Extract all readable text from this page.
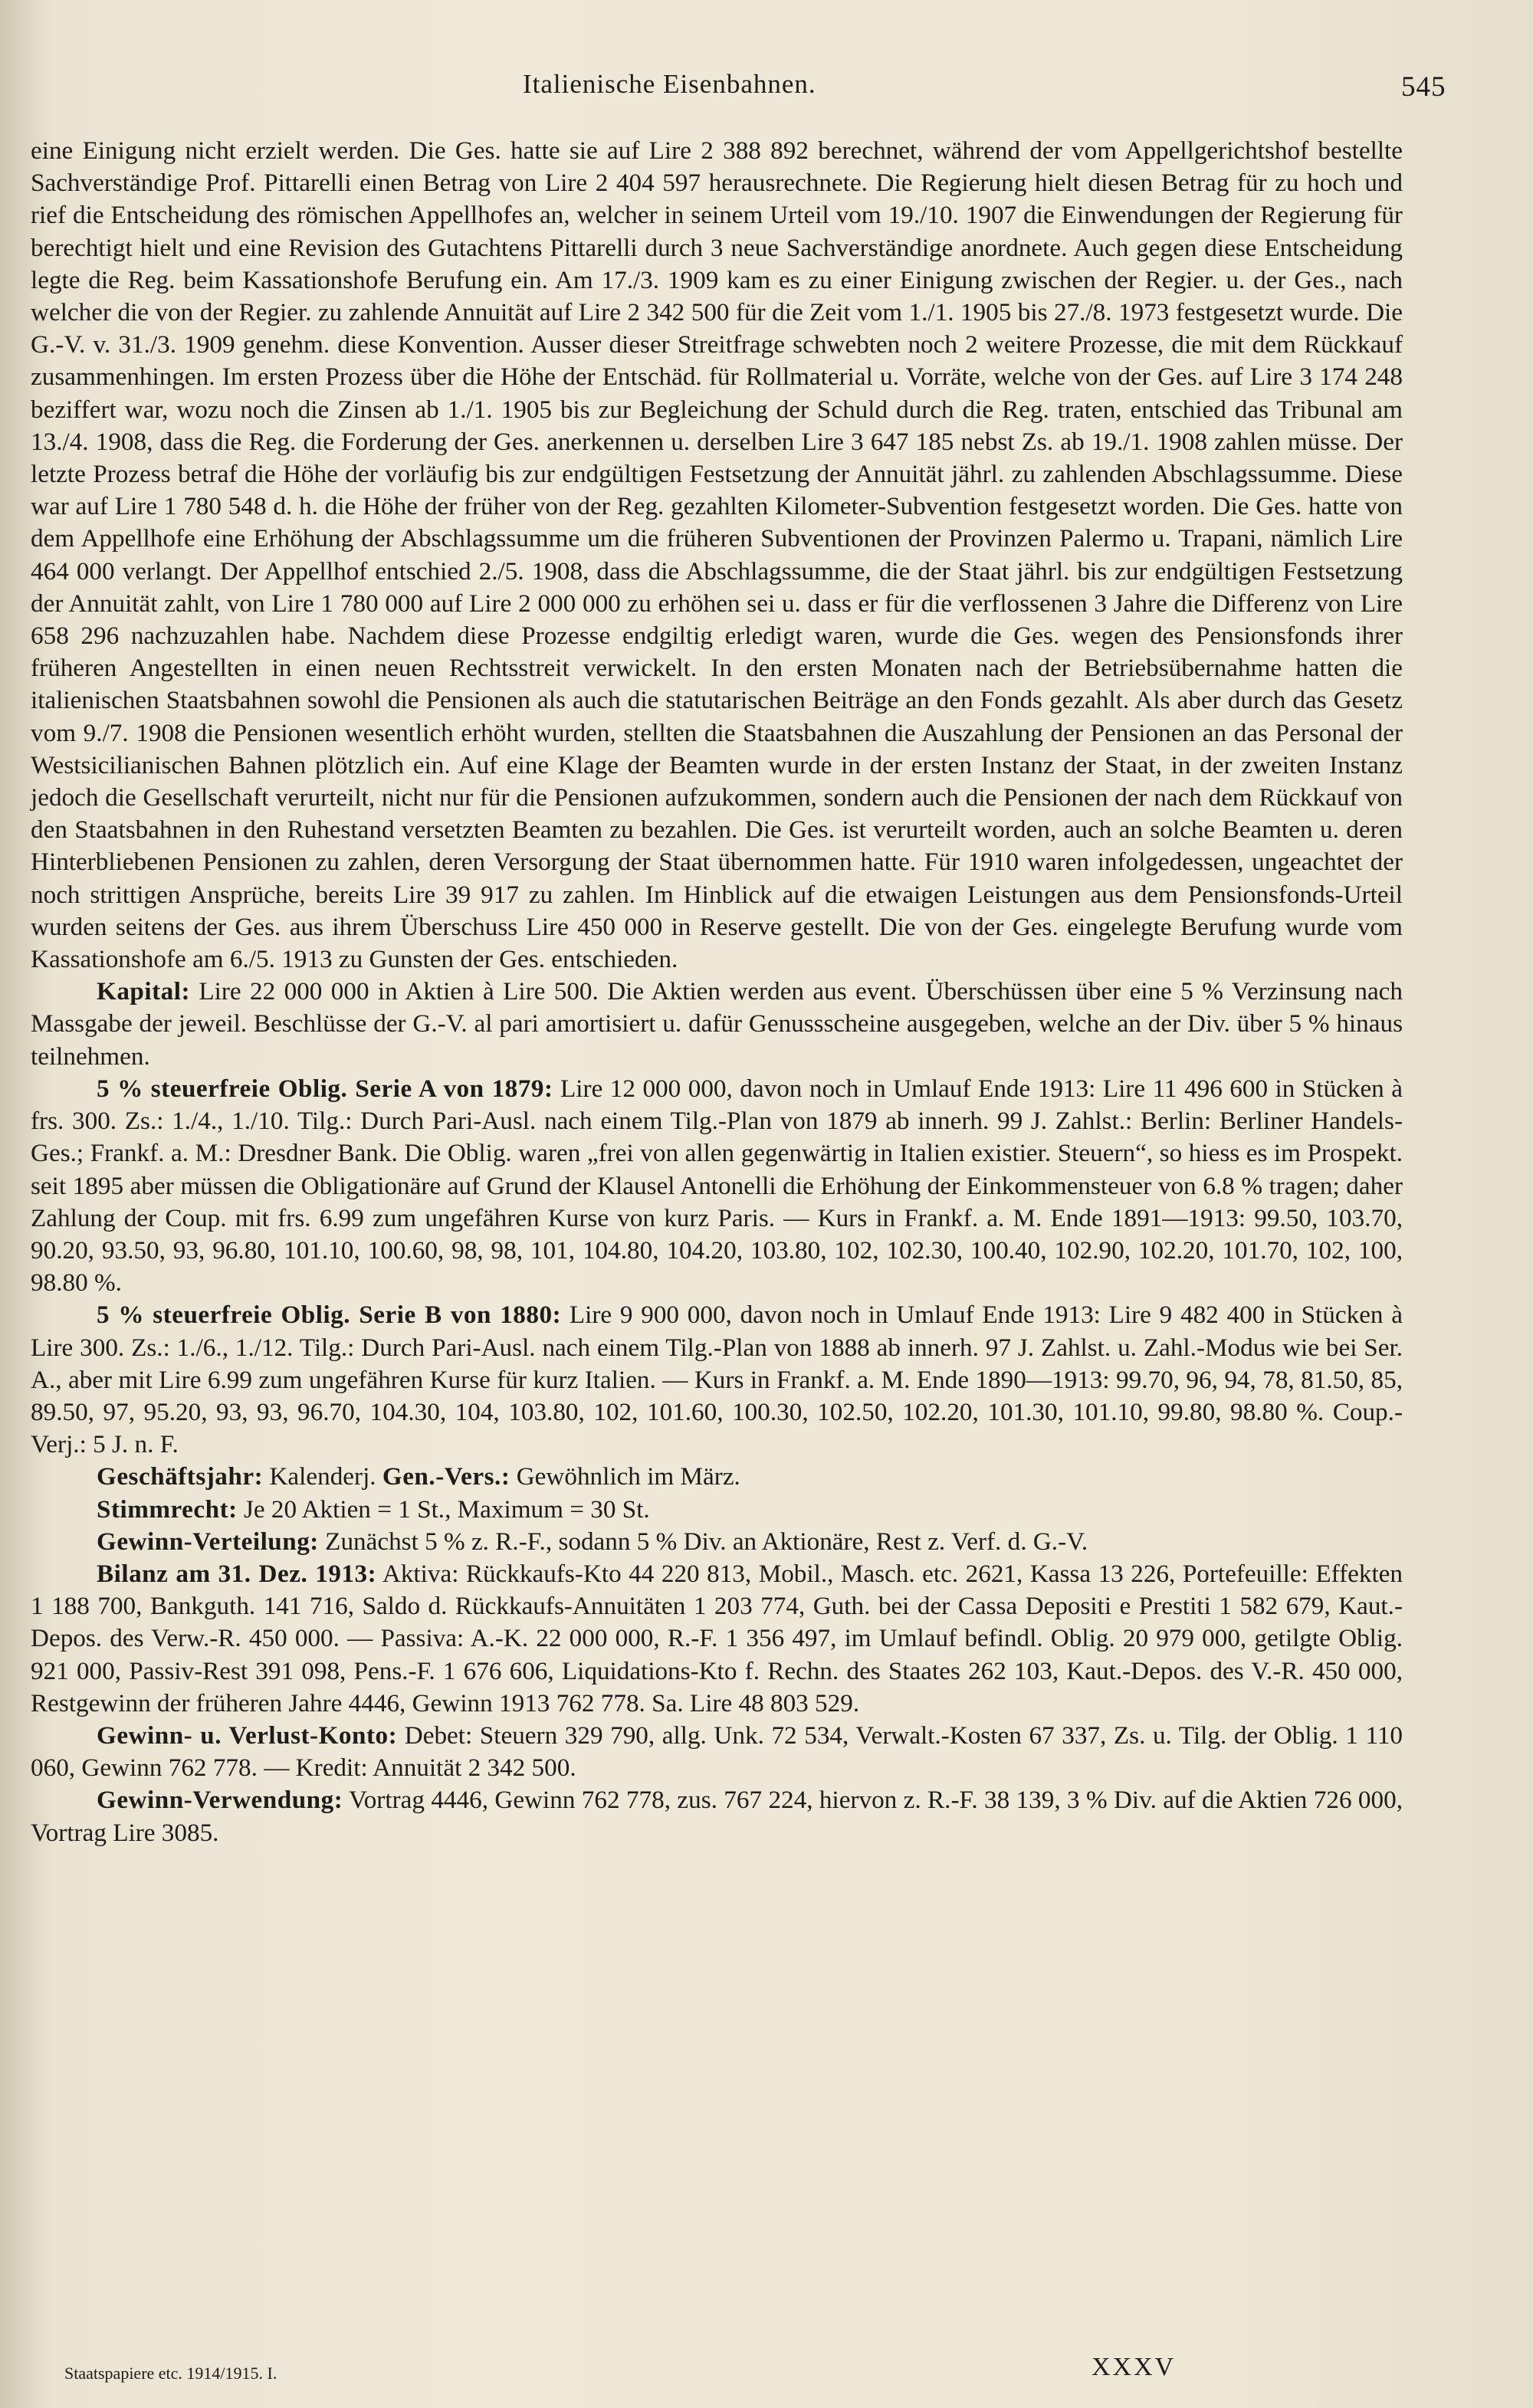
Italienische Eisenbahnen.	545

eine Einigung nicht erzielt werden. Die Ges. hatte sie auf Lire 2 388 892 berechnet, während der vom Appellgerichtshof bestellte Sachverständige Prof. Pittarelli einen Betrag von Lire 2 404 597 herausrechnete. Die Regierung hielt diesen Betrag für zu hoch und rief die Entscheidung des römischen Appellhofes an, welcher in seinem Urteil vom 19./10. 1907 die Einwendungen der Regierung für berechtigt hielt und eine Revision des Gutachtens Pittarelli durch 3 neue Sachverständige anordnete. Auch gegen diese Entscheidung legte die Reg. beim Kassationshofe Berufung ein. Am 17./3. 1909 kam es zu einer Einigung zwischen der Regier. u. der Ges., nach welcher die von der Regier. zu zahlende Annuität auf Lire 2 342 500 für die Zeit vom 1./1. 1905 bis 27./8. 1973 festgesetzt wurde. Die G.-V. v. 31./3. 1909 genehm. diese Konvention. Ausser dieser Streitfrage schwebten noch 2 weitere Prozesse, die mit dem Rückkauf zusammenhingen. Im ersten Prozess über die Höhe der Entschäd. für Rollmaterial u. Vorräte, welche von der Ges. auf Lire 3 174 248 beziffert war, wozu noch die Zinsen ab 1./1. 1905 bis zur Begleichung der Schuld durch die Reg. traten, entschied das Tribunal am 13./4. 1908, dass die Reg. die Forderung der Ges. anerkennen u. derselben Lire 3 647 185 nebst Zs. ab 19./1. 1908 zahlen müsse. Der letzte Prozess betraf die Höhe der vorläufig bis zur endgültigen Festsetzung der Annuität jährl. zu zahlenden Abschlagssumme. Diese war auf Lire 1 780 548 d. h. die Höhe der früher von der Reg. gezahlten Kilometer-Subvention festgesetzt worden. Die Ges. hatte von dem Appellhofe eine Erhöhung der Abschlagssumme um die früheren Subventionen der Provinzen Palermo u. Trapani, nämlich Lire 464 000 verlangt. Der Appellhof entschied 2./5. 1908, dass die Abschlagssumme, die der Staat jährl. bis zur endgültigen Festsetzung der Annuität zahlt, von Lire 1 780 000 auf Lire 2 000 000 zu erhöhen sei u. dass er für die verflossenen 3 Jahre die Differenz von Lire 658 296 nachzuzahlen habe. Nachdem diese Prozesse endgiltig erledigt waren, wurde die Ges. wegen des Pensionsfonds ihrer früheren Angestellten in einen neuen Rechtsstreit verwickelt. In den ersten Monaten nach der Betriebsübernahme hatten die italienischen Staatsbahnen sowohl die Pensionen als auch die statutarischen Beiträge an den Fonds gezahlt. Als aber durch das Gesetz vom 9./7. 1908 die Pensionen wesentlich erhöht wurden, stellten die Staatsbahnen die Auszahlung der Pensionen an das Personal der Westsicilianischen Bahnen plötzlich ein. Auf eine Klage der Beamten wurde in der ersten Instanz der Staat, in der zweiten Instanz jedoch die Gesellschaft verurteilt, nicht nur für die Pensionen aufzukommen, sondern auch die Pensionen der nach dem Rückkauf von den Staatsbahnen in den Ruhestand versetzten Beamten zu bezahlen. Die Ges. ist verurteilt worden, auch an solche Beamten u. deren Hinterbliebenen Pensionen zu zahlen, deren Versorgung der Staat übernommen hatte. Für 1910 waren infolgedessen, ungeachtet der noch strittigen Ansprüche, bereits Lire 39 917 zu zahlen. Im Hinblick auf die etwaigen Leistungen aus dem Pensionsfonds-Urteil wurden seitens der Ges. aus ihrem Überschuss Lire 450 000 in Reserve gestellt. Die von der Ges. eingelegte Berufung wurde vom Kassationshofe am 6./5. 1913 zu Gunsten der Ges. entschieden.

Kapital: Lire 22 000 000 in Aktien à Lire 500. Die Aktien werden aus event. Überschüssen über eine 5 % Verzinsung nach Massgabe der jeweil. Beschlüsse der G.-V. al pari amortisiert u. dafür Genussscheine ausgegeben, welche an der Div. über 5 % hinaus teilnehmen.

5 % steuerfreie Oblig. Serie A von 1879: Lire 12 000 000, davon noch in Umlauf Ende 1913: Lire 11 496 600 in Stücken à frs. 300. Zs.: 1./4., 1./10. Tilg.: Durch Pari-Ausl. nach einem Tilg.-Plan von 1879 ab innerh. 99 J. Zahlst.: Berlin: Berliner Handels-Ges.; Frankf. a. M.: Dresdner Bank. Die Oblig. waren „frei von allen gegenwärtig in Italien existier. Steuern“, so hiess es im Prospekt. seit 1895 aber müssen die Obligationäre auf Grund der Klausel Antonelli die Erhöhung der Einkommensteuer von 6.8 % tragen; daher Zahlung der Coup. mit frs. 6.99 zum ungefähren Kurse von kurz Paris. — Kurs in Frankf. a. M. Ende 1891—1913: 99.50, 103.70, 90.20, 93.50, 93, 96.80, 101.10, 100.60, 98, 98, 101, 104.80, 104.20, 103.80, 102, 102.30, 100.40, 102.90, 102.20, 101.70, 102, 100, 98.80 %.

5 % steuerfreie Oblig. Serie B von 1880: Lire 9 900 000, davon noch in Umlauf Ende 1913: Lire 9 482 400 in Stücken à Lire 300. Zs.: 1./6., 1./12. Tilg.: Durch Pari-Ausl. nach einem Tilg.-Plan von 1888 ab innerh. 97 J. Zahlst. u. Zahl.-Modus wie bei Ser. A., aber mit Lire 6.99 zum ungefähren Kurse für kurz Italien. — Kurs in Frankf. a. M. Ende 1890—1913: 99.70, 96, 94, 78, 81.50, 85, 89.50, 97, 95.20, 93, 93, 96.70, 104.30, 104, 103.80, 102, 101.60, 100.30, 102.50, 102.20, 101.30, 101.10, 99.80, 98.80 %. Coup.-Verj.: 5 J. n. F.

Geschäftsjahr: Kalenderj. Gen.-Vers.: Gewöhnlich im März.

Stimmrecht: Je 20 Aktien = 1 St., Maximum = 30 St.

Gewinn-Verteilung: Zunächst 5 % z. R.-F., sodann 5 % Div. an Aktionäre, Rest z. Verf. d. G.-V.

Bilanz am 31. Dez. 1913: Aktiva: Rückkaufs-Kto 44 220 813, Mobil., Masch. etc. 2621, Kassa 13 226, Portefeuille: Effekten 1 188 700, Bankguth. 141 716, Saldo d. Rückkaufs-Annuitäten 1 203 774, Guth. bei der Cassa Depositi e Prestiti 1 582 679, Kaut.-Depos. des Verw.-R. 450 000. — Passiva: A.-K. 22 000 000, R.-F. 1 356 497, im Umlauf befindl. Oblig. 20 979 000, getilgte Oblig. 921 000, Passiv-Rest 391 098, Pens.-F. 1 676 606, Liquidations-Kto f. Rechn. des Staates 262 103, Kaut.-Depos. des V.-R. 450 000, Restgewinn der früheren Jahre 4446, Gewinn 1913 762 778. Sa. Lire 48 803 529.

Gewinn- u. Verlust-Konto: Debet: Steuern 329 790, allg. Unk. 72 534, Verwalt.-Kosten 67 337, Zs. u. Tilg. der Oblig. 1 110 060, Gewinn 762 778. — Kredit: Annuität 2 342 500.

Gewinn-Verwendung: Vortrag 4446, Gewinn 762 778, zus. 767 224, hiervon z. R.-F. 38 139, 3 % Div. auf die Aktien 726 000, Vortrag Lire 3085.

Staatspapiere etc. 1914/1915. I.	XXXV
